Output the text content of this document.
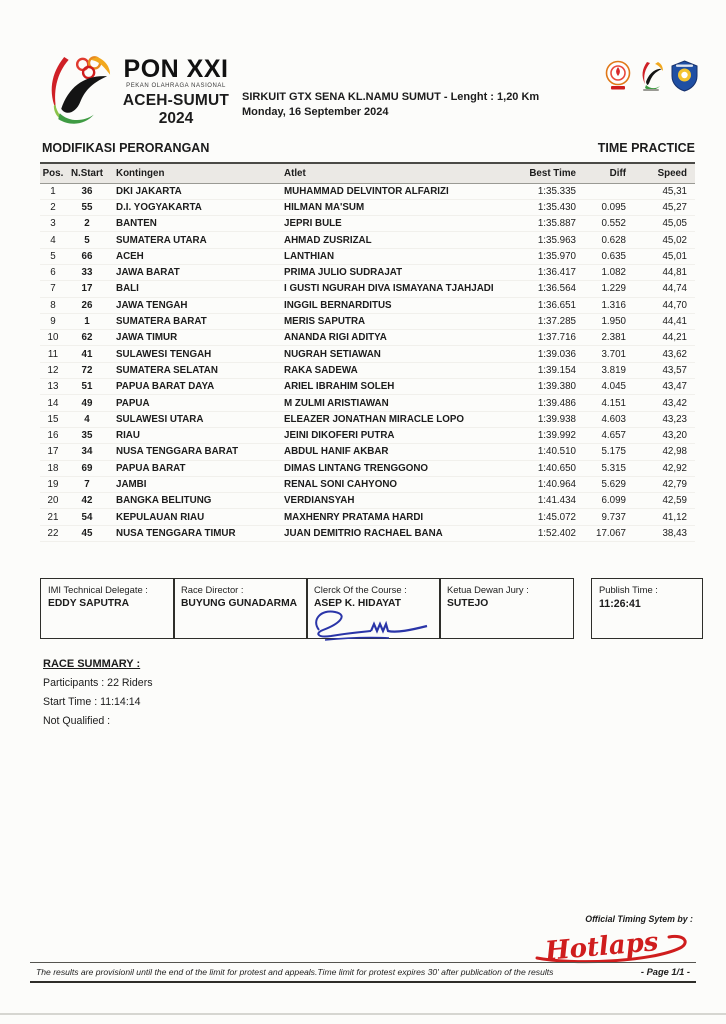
PON XXI
PEKAN OLAHRAGA NASIONAL
ACEH-SUMUT
2024
SIRKUIT GTX SENA KL.NAMU SUMUT - Lenght : 1,20 Km
Monday, 16 September 2024
MODIFIKASI PERORANGAN	TIME PRACTICE
Pos.	N.Start	Kontingen	Atlet	Best Time	Diff	Speed
1	36	DKI JAKARTA	MUHAMMAD DELVINTOR ALFARIZI	1:35.335		45,31
2	55	D.I. YOGYAKARTA	HILMAN MA'SUM	1:35.430	0.095	45,27
3	2	BANTEN	JEPRI BULE	1:35.887	0.552	45,05
4	5	SUMATERA UTARA	AHMAD ZUSRIZAL	1:35.963	0.628	45,02
5	66	ACEH	LANTHIAN	1:35.970	0.635	45,01
6	33	JAWA BARAT	PRIMA JULIO SUDRAJAT	1:36.417	1.082	44,81
7	17	BALI	I GUSTI NGURAH DIVA ISMAYANA TJAHJADI	1:36.564	1.229	44,74
8	26	JAWA TENGAH	INGGIL BERNARDITUS	1:36.651	1.316	44,70
9	1	SUMATERA BARAT	MERIS SAPUTRA	1:37.285	1.950	44,41
10	62	JAWA TIMUR	ANANDA RIGI ADITYA	1:37.716	2.381	44,21
11	41	SULAWESI TENGAH	NUGRAH SETIAWAN	1:39.036	3.701	43,62
12	72	SUMATERA SELATAN	RAKA SADEWA	1:39.154	3.819	43,57
13	51	PAPUA BARAT DAYA	ARIEL IBRAHIM SOLEH	1:39.380	4.045	43,47
14	49	PAPUA	M ZULMI ARISTIAWAN	1:39.486	4.151	43,42
15	4	SULAWESI UTARA	ELEAZER JONATHAN MIRACLE LOPO	1:39.938	4.603	43,23
16	35	RIAU	JEINI DIKOFERI PUTRA	1:39.992	4.657	43,20
17	34	NUSA TENGGARA BARAT	ABDUL HANIF AKBAR	1:40.510	5.175	42,98
18	69	PAPUA BARAT	DIMAS LINTANG TRENGGONO	1:40.650	5.315	42,92
19	7	JAMBI	RENAL SONI CAHYONO	1:40.964	5.629	42,79
20	42	BANGKA BELITUNG	VERDIANSYAH	1:41.434	6.099	42,59
21	54	KEPULAUAN RIAU	MAXHENRY PRATAMA HARDI	1:45.072	9.737	41,12
22	45	NUSA TENGGARA TIMUR	JUAN DEMITRIO RACHAEL BANA	1:52.402	17.067	38,43
IMI Technical Delegate :
EDDY SAPUTRA
Race Director :
BUYUNG GUNADARMA
Clerck Of the Course :
ASEP K. HIDAYAT
Ketua Dewan Jury :
SUTEJO
Publish Time :
11:26:41
RACE SUMMARY :
Participants : 22 Riders
Start Time : 11:14:14
Not Qualified :
Official Timing Sytem by :
Hotlaps
The results are provisionil until the end of the limit for protest and appeals.Time limit for protest expires 30' after publication of the results	- Page 1/1 -
